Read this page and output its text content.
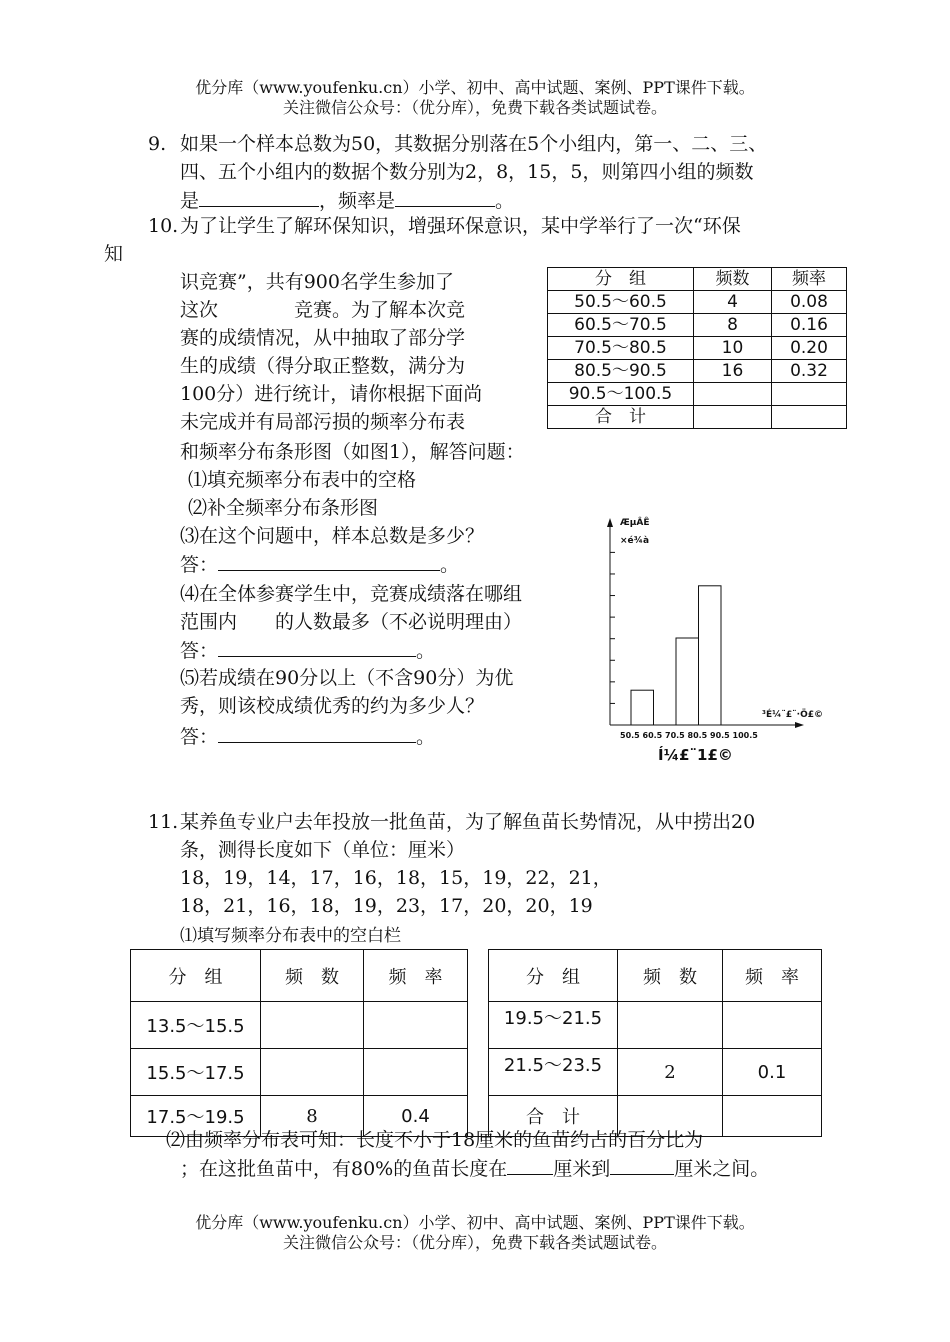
优分库（www.youfenku.cn）小学、初中、高中试题、案例、PPT课件下载。
关注微信公众号：（优分库），免费下载各类试题试卷。
9. 如果一个样本总数为50，其数据分别落在5个小组内，第一、二、三、
四、五个小组内的数据个数分别为2，8，15，5，则第四小组的频数
是	，频率是	。
10. 为了让学生了解环保知识，增强环保意识，某中学举行了一次“环保
知
识竞赛”，共有900名学生参加了
这次　　　　竞赛。为了解本次竞
赛的成绩情况，从中抽取了部分学
生的成绩（得分取正整数，满分为
100分）进行统计，请你根据下面尚
未完成并有局部污损的频率分布表
和频率分布条形图（如图1），解答问题：
分　组	频数	频率
50.5～60.5	4	0.08
60.5～70.5	8	0.16
70.5～80.5	10	0.20
80.5～90.5	16	0.32
90.5～100.5		
合　计		
⑴填充频率分布表中的空格
⑵补全频率分布条形图
⑶在这个问题中，样本总数是多少？
答：	。
⑷在全体参赛学生中，竞赛成绩落在哪组
范围内　　的人数最多（不必说明理由）
答：	。
⑸若成绩在90分以上（不含90分）为优
秀，则该校成绩优秀的约为多少人？
答：	。
ÆµÂÊ
×é¾à
50.5 60.5 70.5 80.5 90.5 100.5
³É¼¨£¨·Ö£©
Í¼£¨1£©
11. 某养鱼专业户去年投放一批鱼苗，为了解鱼苗长势情况，从中捞出20
条，测得长度如下（单位：厘米）
18，19，14，17，16，18，15，19，22，21，
18，21，16，18，19，23，17，20，20，19
⑴填写频率分布表中的空白栏
分　组	频　数	频　率		分　组	频　数	频　率
13.5～15.5				19.5～21.5		

15.5～17.5				21.5～23.5	2	0.1
17.5～19.5	8	0.4		合　计		
⑵由频率分布表可知：长度不小于18厘米的鱼苗约占的百分比为
；在这批鱼苗中，有80%的鱼苗长度在 厘米到	厘米之间。
优分库（www.youfenku.cn）小学、初中、高中试题、案例、PPT课件下载。
关注微信公众号：（优分库），免费下载各类试题试卷。
